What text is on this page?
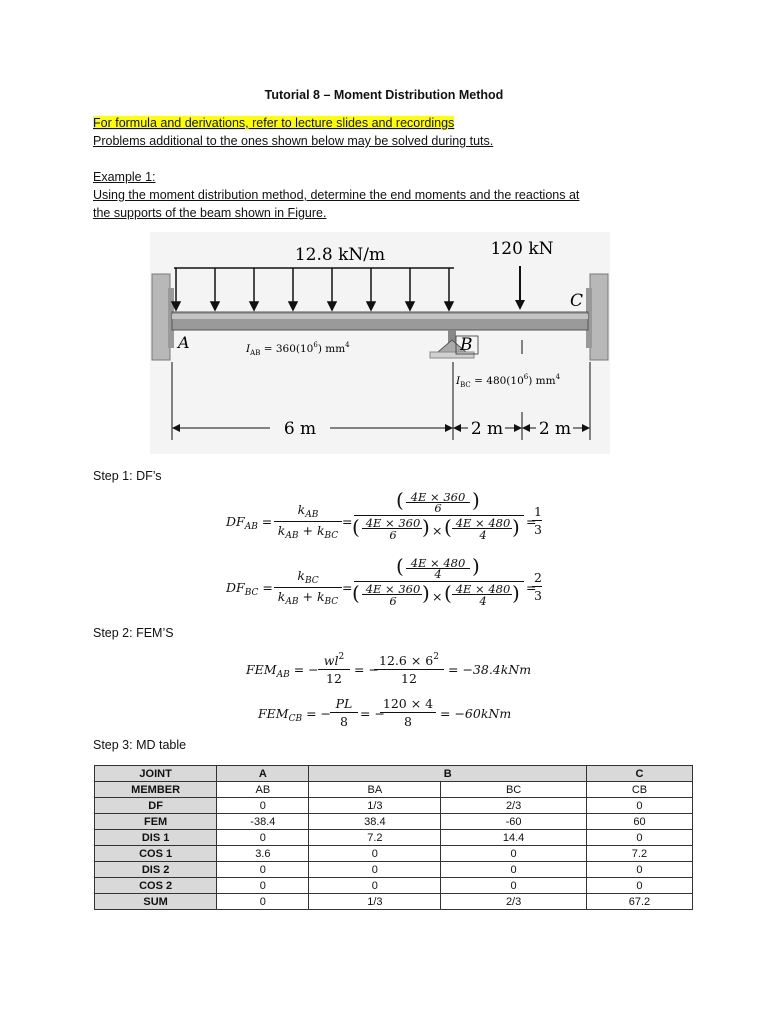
Tutorial 8 – Moment Distribution Method
For formula and derivations, refer to lecture slides and recordings
Problems additional to the ones shown below may be solved during tuts.
Example 1:
Using the moment distribution method, determine the end moments and the reactions at
the supports of the beam shown in Figure.
12.8 kN/m	120 kN
A	B
C
$I_{AB} = 360(10^6)$ $mm^4$
$I_{BC} = 480(10^6)$ $mm^4$
6 m	2 m 2 m
Step 1: DF’s
$DF_{AB}$ =
$k_{AB}$
$k_{AB} + k_{BC}$
=
( 4E × 360
6	)
( 4E × 360
6	) × ( 4E × 480
4	) =
1
3
$DF_{BC}$ =
$k_{BC}$
$k_{AB} + k_{BC}$
=
( 4E × 480
4	)
( 4E × 360
6	) × ( 4E × 480
4	) =
2
3
Step 2: FEM’S
$FEM_{AB}$ = −
$wl^2$
12
= −
$12.6 \times 6^2$
12
= −38.4kNm
$FEM_{CB}$ = −
PL
8
= −
120 × 4
8
= −60kNm
Step 3: MD table
JOINT	A	B		C
MEMBER	AB	BA	BC	CB
DF	0	1/3	2/3	0
FEM	-38.4	38.4	-60	60
DIS 1	0	7.2	14.4	0
COS 1	3.6	0	0	7.2
DIS 2	0	0	0	0
COS 2	0	0	0	0
SUM	0	1/3	2/3	67.2
